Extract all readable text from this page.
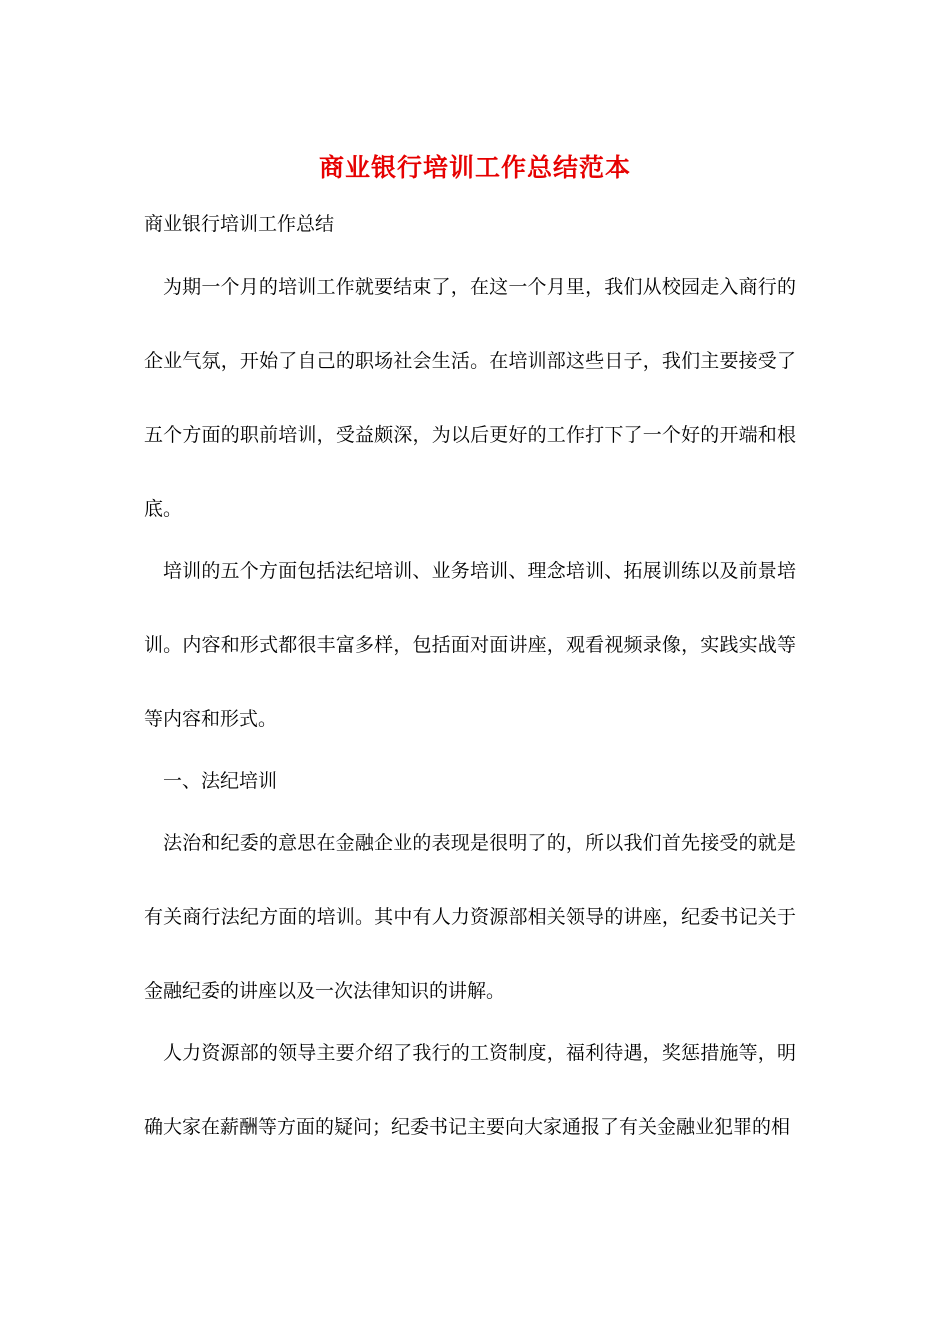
商业银行培训工作总结范本
商业银行培训工作总结

为期一个月的培训工作就要结束了，在这一个月里，我们从校园走入商行的企业气氛，开始了自己的职场社会生活。在培训部这些日子，我们主要接受了五个方面的职前培训，受益颇深，为以后更好的工作打下了一个好的开端和根底。

培训的五个方面包括法纪培训、业务培训、理念培训、拓展训练以及前景培训。内容和形式都很丰富多样，包括面对面讲座，观看视频录像，实践实战等等内容和形式。

一、法纪培训

法治和纪委的意思在金融企业的表现是很明了的，所以我们首先接受的就是有关商行法纪方面的培训。其中有人力资源部相关领导的讲座，纪委书记关于金融纪委的讲座以及一次法律知识的讲解。

人力资源部的领导主要介绍了我行的工资制度，福利待遇，奖惩措施等，明确大家在薪酬等方面的疑问；纪委书记主要向大家通报了有关金融业犯罪的相
